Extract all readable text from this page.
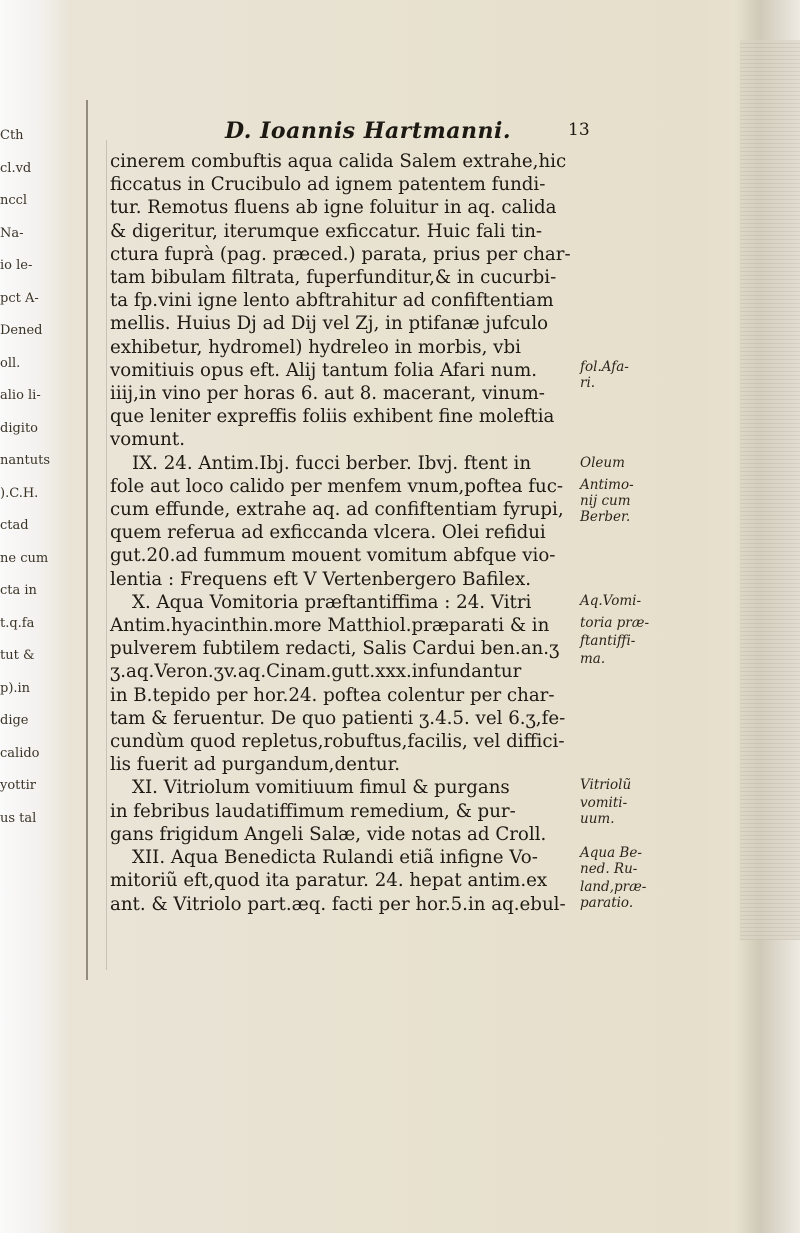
Cth
cl.vd
nccl
Na-
io le-
pct A-
Dened
oll.
alio li-
digito
nantuts
).C.H.
ctad
ne cum
cta in
t.q.fa
tut &
p).in
dige
calido
yottir
us tal
D. Ioannis Hartmanni.	13
cinerem combuftis aqua calida Salem extrahe,hic
ficcatus in Crucibulo ad ignem patentem fundi-
tur. Remotus fluens ab igne foluitur in aq. calida
& digeritur, iterumque exficcatur. Huic fali tin-
ctura fuprà (pag. præced.) parata, prius per char-
tam bibulam filtrata, fuperfunditur,& in cucurbi-
ta fp.vini igne lento abftrahitur ad confiftentiam
mellis. Huius Dj ad Dij vel Zj, in ptifanæ jufculo
exhibetur, hydromel) hydreleo in morbis, vbi
vomitiuis opus eft. Alij tantum folia Afari num.
iiij,in vino per horas 6. aut 8. macerant, vinum-
que leniter expreffis foliis exhibent fine moleftia
vomunt.
IX. 24. Antim.Ibj. fucci berber. Ibvj. ftent in
fole aut loco calido per menfem vnum,poftea fuc-
cum effunde, extrahe aq. ad confiftentiam fyrupi,
quem referua ad exficcanda vlcera. Olei refidui
gut.20.ad fummum mouent vomitum abfque vio-
lentia : Frequens eft V Vertenbergero Bafilex.
X. Aqua Vomitoria præftantiffima : 24. Vitri
Antim.hyacinthin.more Matthiol.præparati & in
pulverem fubtilem redacti, Salis Cardui ben.an.ʒ
ʒ.aq.Veron.ʒv.aq.Cinam.gutt.xxx.infundantur
in B.tepido per hor.24. poftea colentur per char-
tam & feruentur. De quo patienti ʒ.4.5. vel 6.ʒ,fe-
cundùm quod repletus,robuftus,facilis, vel diffici-
lis fuerit ad purgandum,dentur.
XI. Vitriolum vomitiuum fimul & purgans
in febribus laudatiffimum remedium, & pur-
gans frigidum Angeli Salæ, vide notas ad Croll.
XII. Aqua Benedicta Rulandi etiã infigne Vo-
mitoriũ eft,quod ita paratur. 24. hepat antim.ex
ant. & Vitriolo part.æq. facti per hor.5.in aq.ebul-
fol.Afa-
ri.
Oleum
Antimo-
nij cum
Berber.
Aq.Vomi-
toria præ-
ftantiffi-
ma.
Vitriolũ
vomiti-
uum.
Aqua Be-
ned. Ru-
land,præ-
paratio.
